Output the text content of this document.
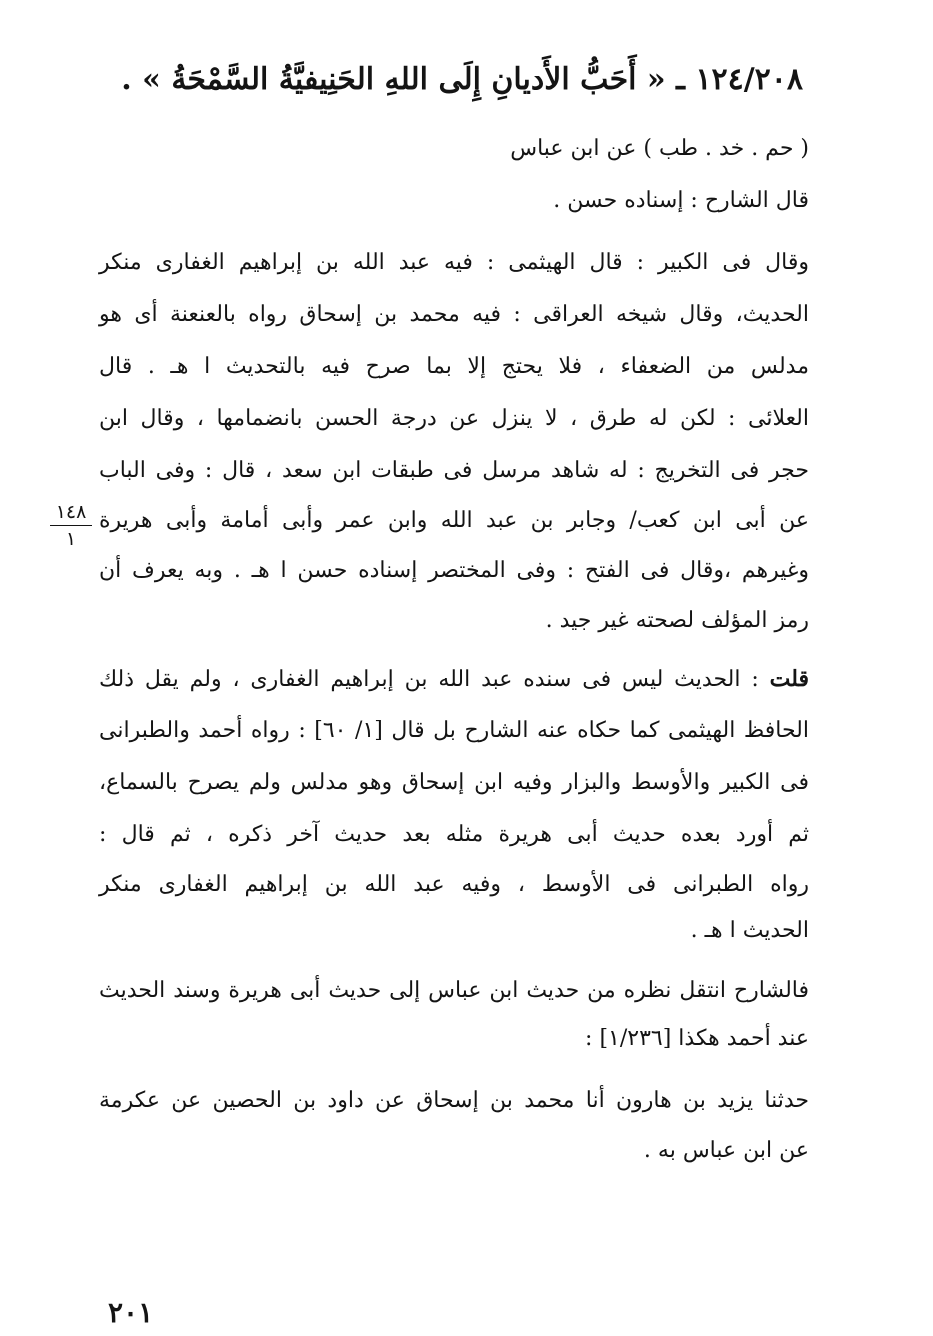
١٢٤/٢٠٨ ـ « أَحَبُّ الأَديانِ إِلَى اللهِ الحَنِيفيَّةُ السَّمْحَةُ » .
( حم . خد . طب ) عن ابن عباس
قال الشارح : إسناده حسن .
وقال فى الكبير : قال الهيثمى : فيه عبد الله بن إبراهيم الغفارى منكر
الحديث، وقال شيخه العراقى : فيه محمد بن إسحاق رواه بالعنعنة أى هو
مدلس من الضعفاء ، فلا يحتج إلا بما صرح فيه بالتحديث ا هـ . قال
العلائى : لكن له طرق ، لا ينزل عن درجة الحسن بانضمامها ، وقال ابن
حجر فى التخريج : له شاهد مرسل فى طبقات ابن سعد ، قال : وفى الباب
عن أبى ابن كعب/ وجابر بن عبد الله وابن عمر وأبى أمامة وأبى هريرة
وغيرهم ،وقال فى الفتح : وفى المختصر إسناده حسن ا هـ . وبه يعرف أن
رمز المؤلف لصحته غير جيد .
قلت : الحديث ليس فى سنده عبد الله بن إبراهيم الغفارى ، ولم يقل ذلك
الحافظ الهيثمى كما حكاه عنه الشارح بل قال [١/ ٦٠] : رواه أحمد والطبرانى
فى الكبير والأوسط والبزار وفيه ابن إسحاق وهو مدلس ولم يصرح بالسماع،
ثم أورد بعده حديث أبى هريرة مثله بعد حديث آخر ذكره ، ثم قال :
رواه الطبرانى فى الأوسط ، وفيه عبد الله بن إبراهيم الغفارى منكر
الحديث ا هـ .
فالشارح انتقل نظره من حديث ابن عباس إلى حديث أبى هريرة وسند الحديث
عند أحمد هكذا [١/٢٣٦] :
حدثنا يزيد بن هارون أنا محمد بن إسحاق عن داود بن الحصين عن عكرمة
عن ابن عباس به .
١٤٨
١
٢٠١
